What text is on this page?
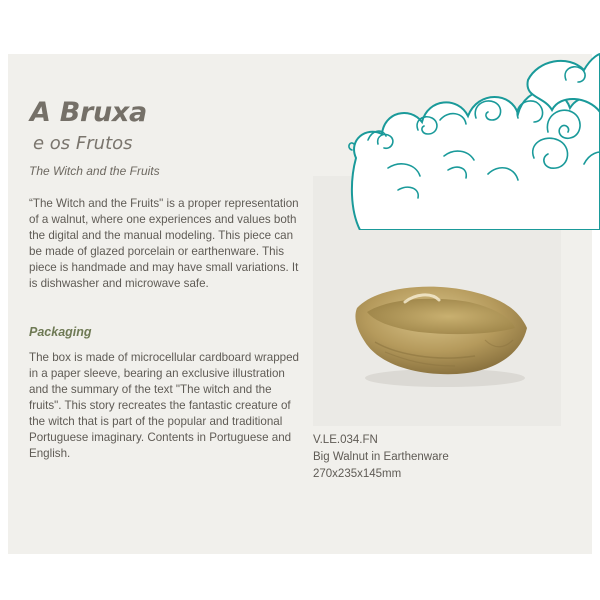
A Bruxa
e os Frutos
The Witch and the Fruits

“The Witch and the Fruits" is a proper representation of a walnut, where one experiences and values both the digital and the manual modeling. This piece can be made of glazed porcelain or earthenware. This piece is handmade and may have small variations. It is dishwasher and microwave safe.

Packaging

The box is made of microcellular cardboard wrapped in a paper sleeve, bearing an exclusive illustration and the summary of the text "The witch and the fruits". This story recreates the fantastic creature of the witch that is part of the popular and traditional Portuguese imaginary. Contents in Portuguese and English.

V.LE.034.FN
Big Walnut in Earthenware
270x235x145mm
